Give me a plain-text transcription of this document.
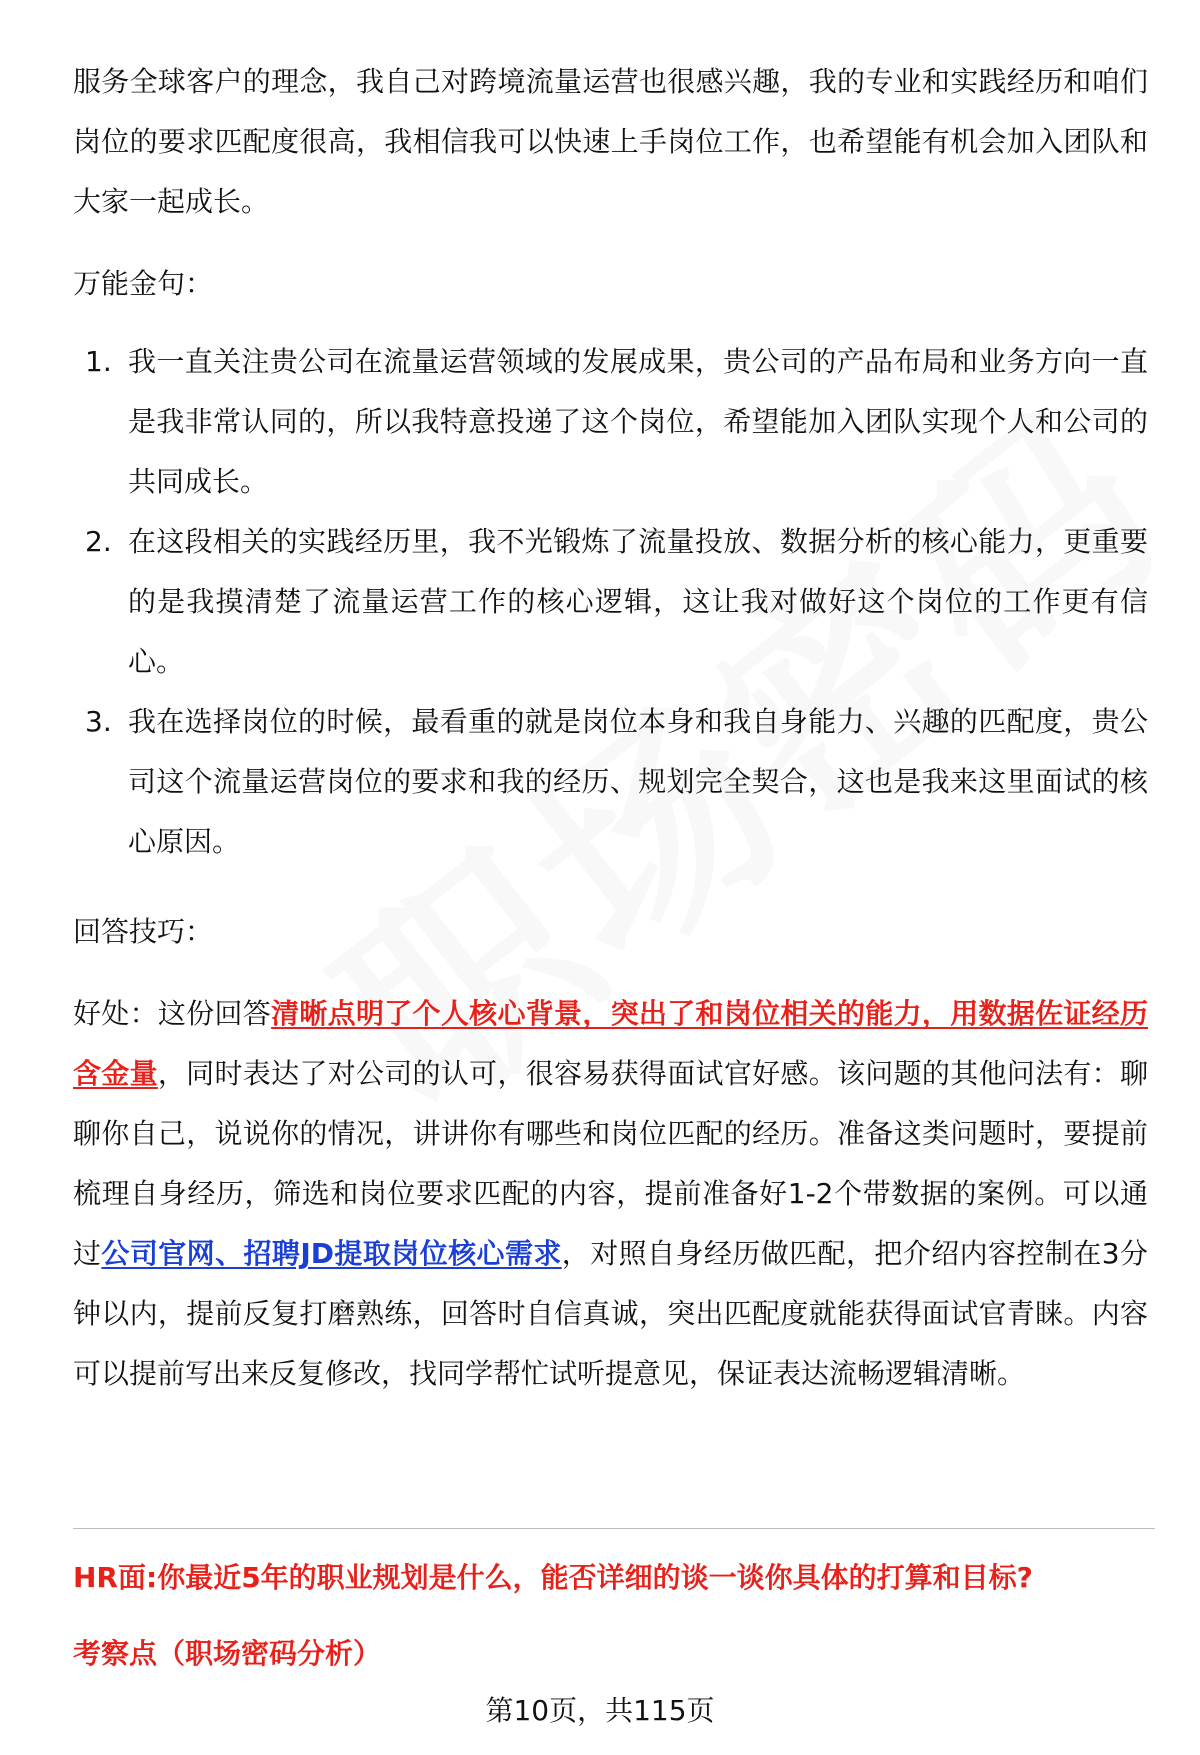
服务全球客户的理念，我自己对跨境流量运营也很感兴趣，我的专业和实践经历和咱们岗位的要求匹配度很高，我相信我可以快速上手岗位工作，也希望能有机会加入团队和大家一起成长。

万能金句：

1. 我一直关注贵公司在流量运营领域的发展成果，贵公司的产品布局和业务方向一直是我非常认同的，所以我特意投递了这个岗位，希望能加入团队实现个人和公司的共同成长。
2. 在这段相关的实践经历里，我不光锻炼了流量投放、数据分析的核心能力，更重要的是我摸清楚了流量运营工作的核心逻辑，这让我对做好这个岗位的工作更有信心。
3. 我在选择岗位的时候，最看重的就是岗位本身和我自身能力、兴趣的匹配度，贵公司这个流量运营岗位的要求和我的经历、规划完全契合，这也是我来这里面试的核心原因。

回答技巧：

好处：这份回答清晰点明了个人核心背景，突出了和岗位相关的能力，用数据佐证经历含金量，同时表达了对公司的认可，很容易获得面试官好感。该问题的其他问法有：聊聊你自己，说说你的情况，讲讲你有哪些和岗位匹配的经历。准备这类问题时，要提前梳理自身经历，筛选和岗位要求匹配的内容，提前准备好1-2个带数据的案例。可以通过公司官网、招聘JD提取岗位核心需求，对照自身经历做匹配，把介绍内容控制在3分钟以内，提前反复打磨熟练，回答时自信真诚，突出匹配度就能获得面试官青睐。内容可以提前写出来反复修改，找同学帮忙试听提意见，保证表达流畅逻辑清晰。

HR面:你最近5年的职业规划是什么，能否详细的谈一谈你具体的打算和目标?
考察点（职场密码分析）
第10页，共115页
